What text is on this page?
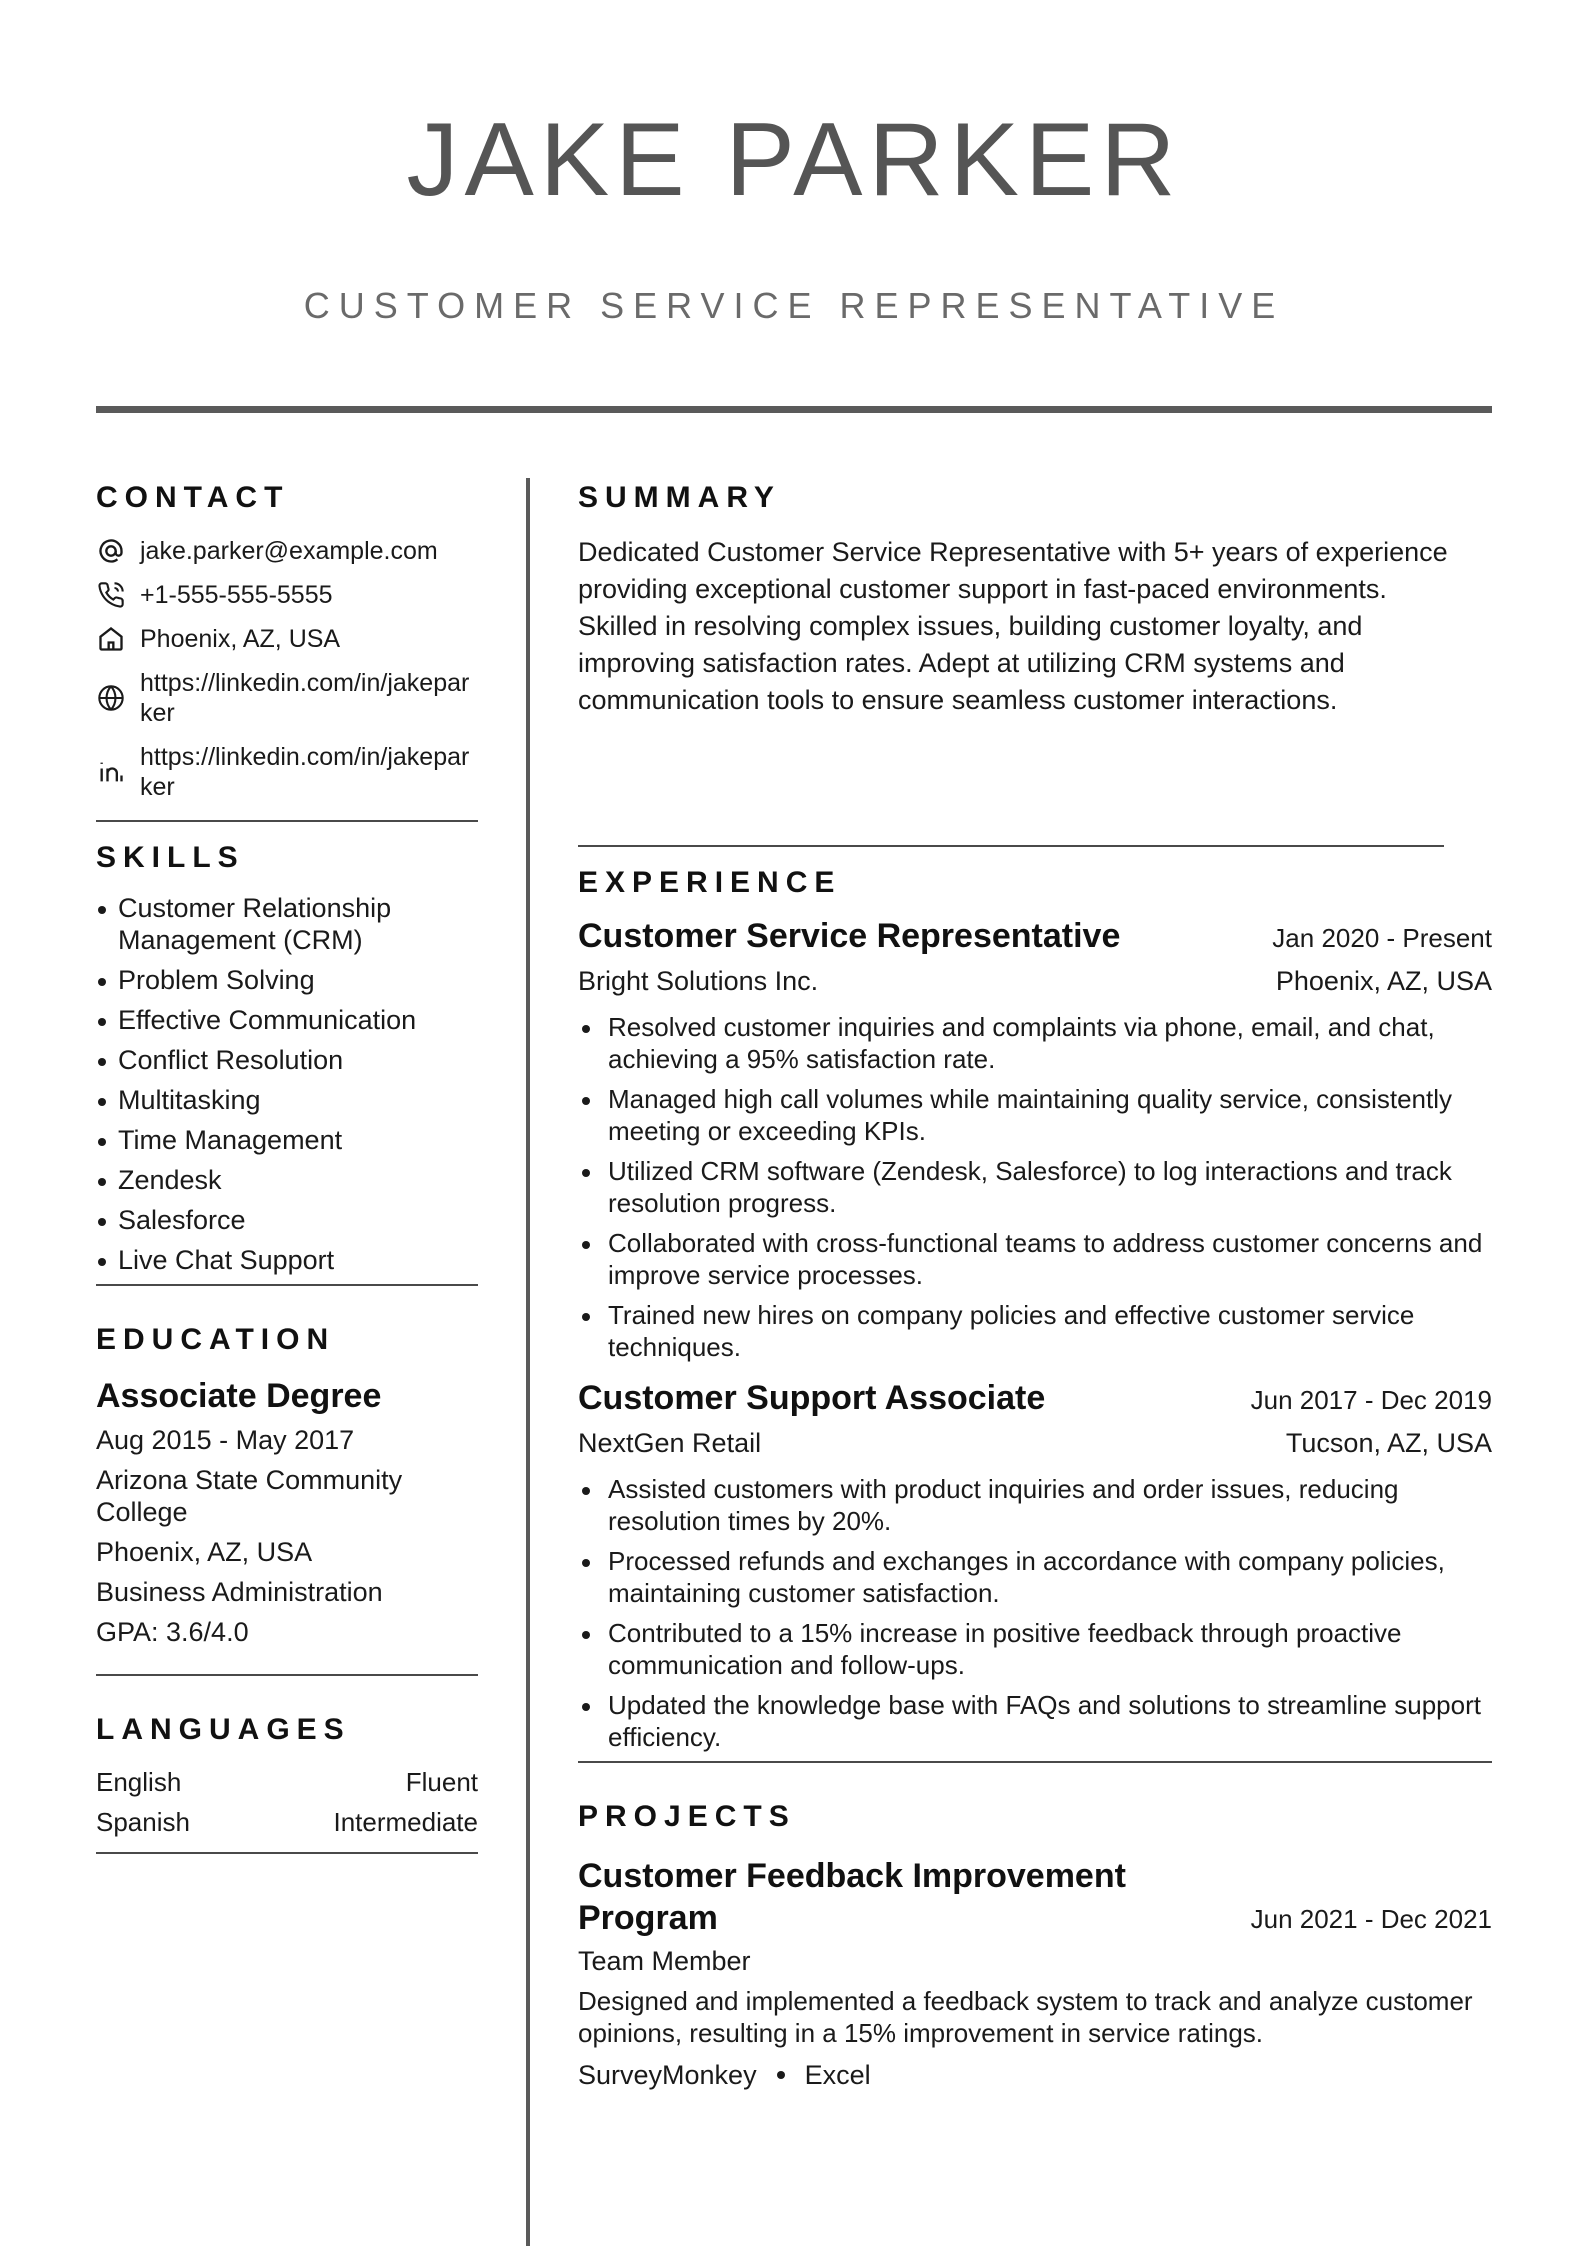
JAKE PARKER
CUSTOMER SERVICE REPRESENTATIVE
CONTACT
jake.parker@example.com
+1-555-555-5555
Phoenix, AZ, USA
https://linkedin.com/in/jakeparker
https://linkedin.com/in/jakeparker
SKILLS
Customer Relationship Management (CRM)
Problem Solving
Effective Communication
Conflict Resolution
Multitasking
Time Management
Zendesk
Salesforce
Live Chat Support
EDUCATION
Associate Degree
Aug 2015 - May 2017
Arizona State Community College
Phoenix, AZ, USA
Business Administration
GPA: 3.6/4.0
LANGUAGES
English	Fluent
Spanish	Intermediate
SUMMARY
Dedicated Customer Service Representative with 5+ years of experience providing exceptional customer support in fast-paced environments. Skilled in resolving complex issues, building customer loyalty, and improving satisfaction rates. Adept at utilizing CRM systems and communication tools to ensure seamless customer interactions.
EXPERIENCE
Customer Service Representative	Jan 2020 - Present
Bright Solutions Inc.	Phoenix, AZ, USA
Resolved customer inquiries and complaints via phone, email, and chat, achieving a 95% satisfaction rate.
Managed high call volumes while maintaining quality service, consistently meeting or exceeding KPIs.
Utilized CRM software (Zendesk, Salesforce) to log interactions and track resolution progress.
Collaborated with cross-functional teams to address customer concerns and improve service processes.
Trained new hires on company policies and effective customer service techniques.
Customer Support Associate	Jun 2017 - Dec 2019
NextGen Retail	Tucson, AZ, USA
Assisted customers with product inquiries and order issues, reducing resolution times by 20%.
Processed refunds and exchanges in accordance with company policies, maintaining customer satisfaction.
Contributed to a 15% increase in positive feedback through proactive communication and follow-ups.
Updated the knowledge base with FAQs and solutions to streamline support efficiency.
PROJECTS
Customer Feedback Improvement Program	Jun 2021 - Dec 2021
Team Member
Designed and implemented a feedback system to track and analyze customer opinions, resulting in a 15% improvement in service ratings.
SurveyMonkey Excel
